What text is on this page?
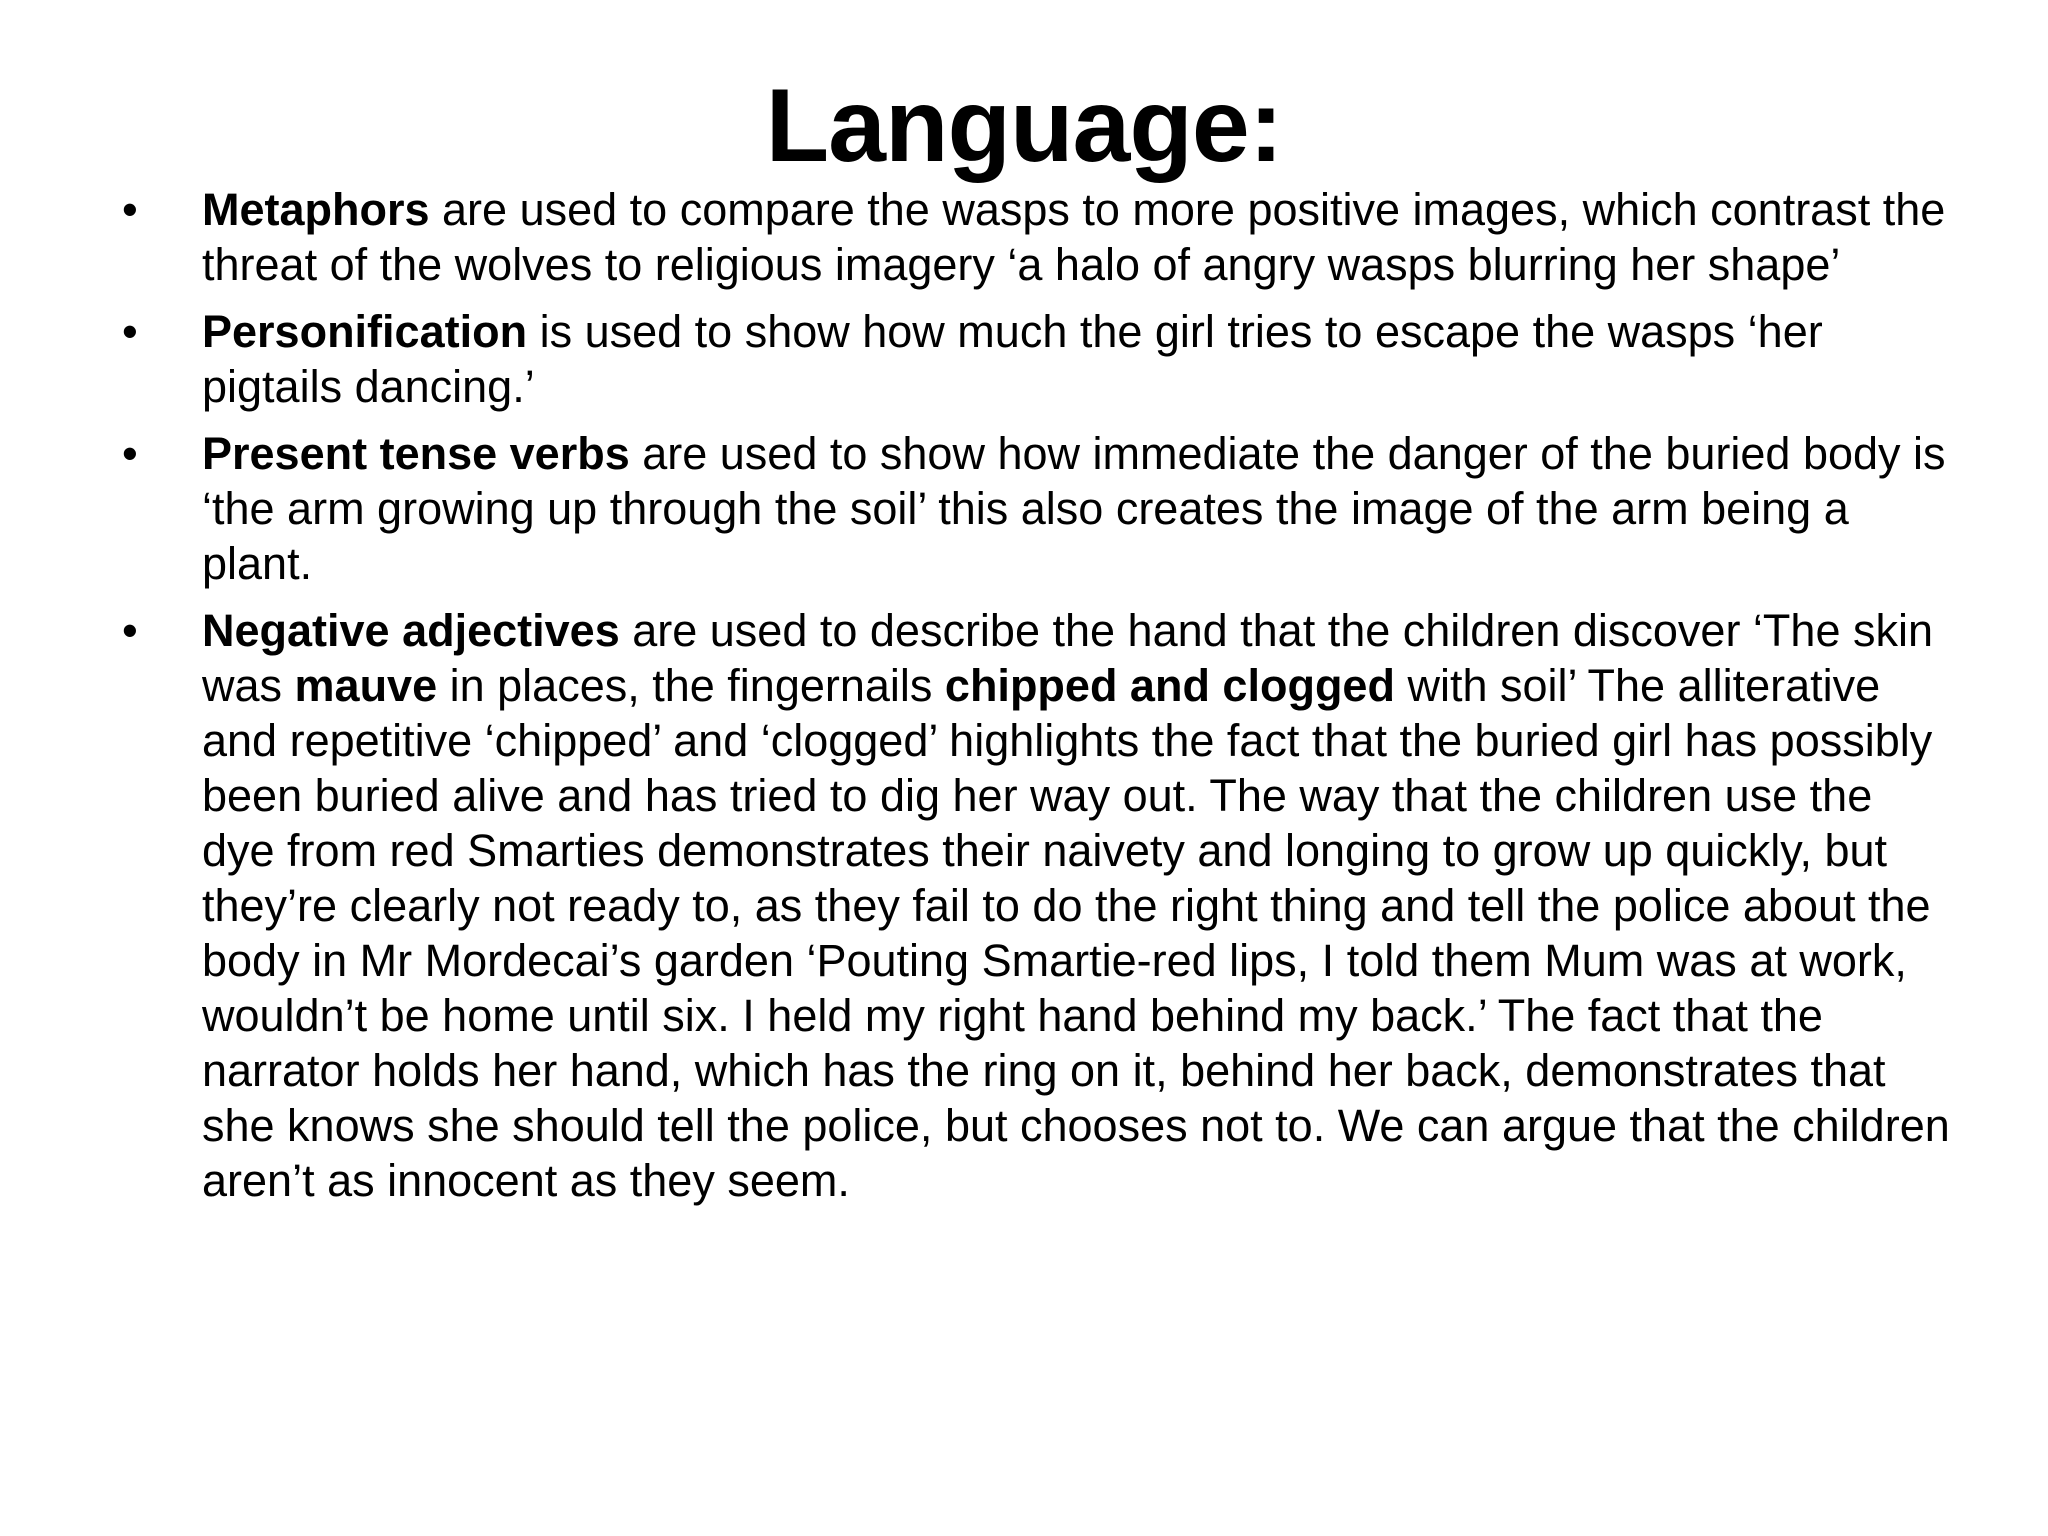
Language:
•	Metaphors are used to compare the wasps to more positive images, which contrast the threat of the wolves to religious imagery ‘a halo of angry wasps blurring her shape’
•	Personification is used to show how much the girl tries to escape the wasps ‘her pigtails dancing.’
•	Present tense verbs are used to show how immediate the danger of the buried body is ‘the arm growing up through the soil’ this also creates the image of the arm being a plant.
•	Negative adjectives are used to describe the hand that the children discover ‘The skin was mauve in places, the fingernails chipped and clogged with soil’ The alliterative and repetitive ‘chipped’ and ‘clogged’ highlights the fact that the buried girl has possibly been buried alive and has tried to dig her way out. The way that the children use the dye from red Smarties demonstrates their naivety and longing to grow up quickly, but they’re clearly not ready to, as they fail to do the right thing and tell the police about the body in Mr Mordecai’s garden ‘Pouting Smartie-red lips, I told them Mum was at work, wouldn’t be home until six. I held my right hand behind my back.’ The fact that the narrator holds her hand, which has the ring on it, behind her back, demonstrates that she knows she should tell the police, but chooses not to. We can argue that the children aren’t as innocent as they seem.
